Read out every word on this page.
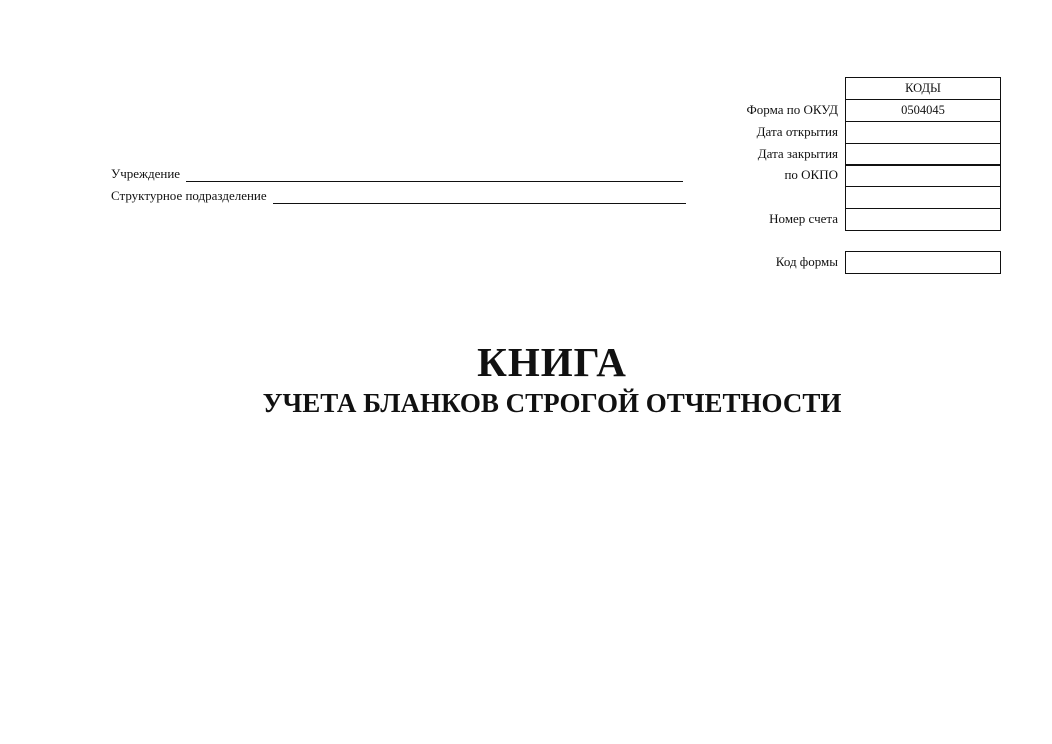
Учреждение
Структурное подразделение
КОДЫ
Форма по ОКУД	0504045
Дата открытия
Дата закрытия
по ОКПО
Номер счета
Код формы
КНИГА
УЧЕТА БЛАНКОВ СТРОГОЙ ОТЧЕТНОСТИ
